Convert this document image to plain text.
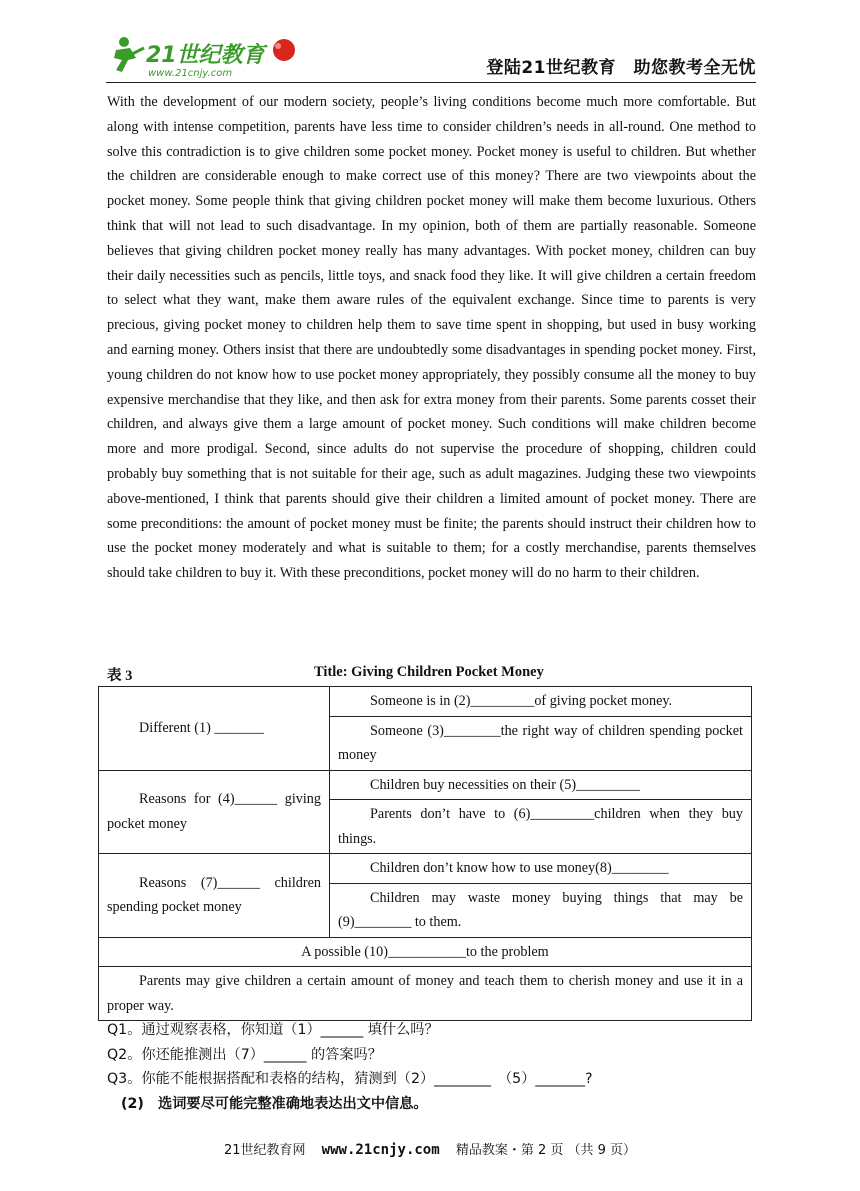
21世纪教育
www.21cnjy.com	登陆21世纪教育　助您教考全无忧
With the development of our modern society, people’s living conditions become much more comfortable. But along with intense competition, parents have less time to consider children’s needs in all-round. One method to solve this contradiction is to give children some pocket money. Pocket money is useful to children. But whether the children are considerable enough to make correct use of this money? There are two viewpoints about the pocket money. Some people think that giving children pocket money will make them become luxurious. Others think that will not lead to such disadvantage. In my opinion, both of them are partially reasonable. Someone believes that giving children pocket money really has many advantages. With pocket money, children can buy their daily necessities such as pencils, little toys, and snack food they like. It will give children a certain freedom to select what they want, make them aware rules of the equivalent exchange. Since time to parents is very precious, giving pocket money to children help them to save time spent in shopping, but used in busy working and earning money. Others insist that there are undoubtedly some disadvantages in spending pocket money. First, young children do not know how to use pocket money appropriately, they possibly consume all the money to buy expensive merchandise that they like, and then ask for extra money from their parents. Some parents cosset their children, and always give them a large amount of pocket money. Such conditions will make children become more and more prodigal. Second, since adults do not supervise the procedure of shopping, children could probably buy something that is not suitable for their age, such as adult magazines. Judging these two viewpoints above-mentioned, I think that parents should give their children a limited amount of pocket money. There are some preconditions: the amount of pocket money must be finite; the parents should instruct their children how to use the pocket money moderately and what is suitable to them; for a costly merchandise, parents themselves should take children to buy it. With these preconditions, pocket money will do no harm to their children.
表 3	Title: Giving Children Pocket Money
Different (1) _______	Someone is in (2)_________of giving pocket money.
	Someone (3)________the right way of children spending pocket money
Reasons for (4)______ giving pocket money	Children buy necessities on their (5)_________
	Parents don’t have to (6)_________children when they buy things.
Reasons (7)______ children spending pocket money	Children don’t know how to use money(8)________
	Children may waste money buying things that may be (9)________ to them.
A possible (10)___________to the problem	
Parents may give children a certain amount of money and teach them to cherish money and use it in a proper way.	
Q1。通过观察表格，你知道（1）______ 填什么吗？
Q2。你还能推测出（7）______ 的答案吗？
Q3。你能不能根据搭配和表格的结构，猜测到（2）________　（5）_______?
(2)　选词要尽可能完整准确地表达出文中信息。
21世纪教育网 www.21cnjy.com 精品教案・第 2 页 （共 9 页）
